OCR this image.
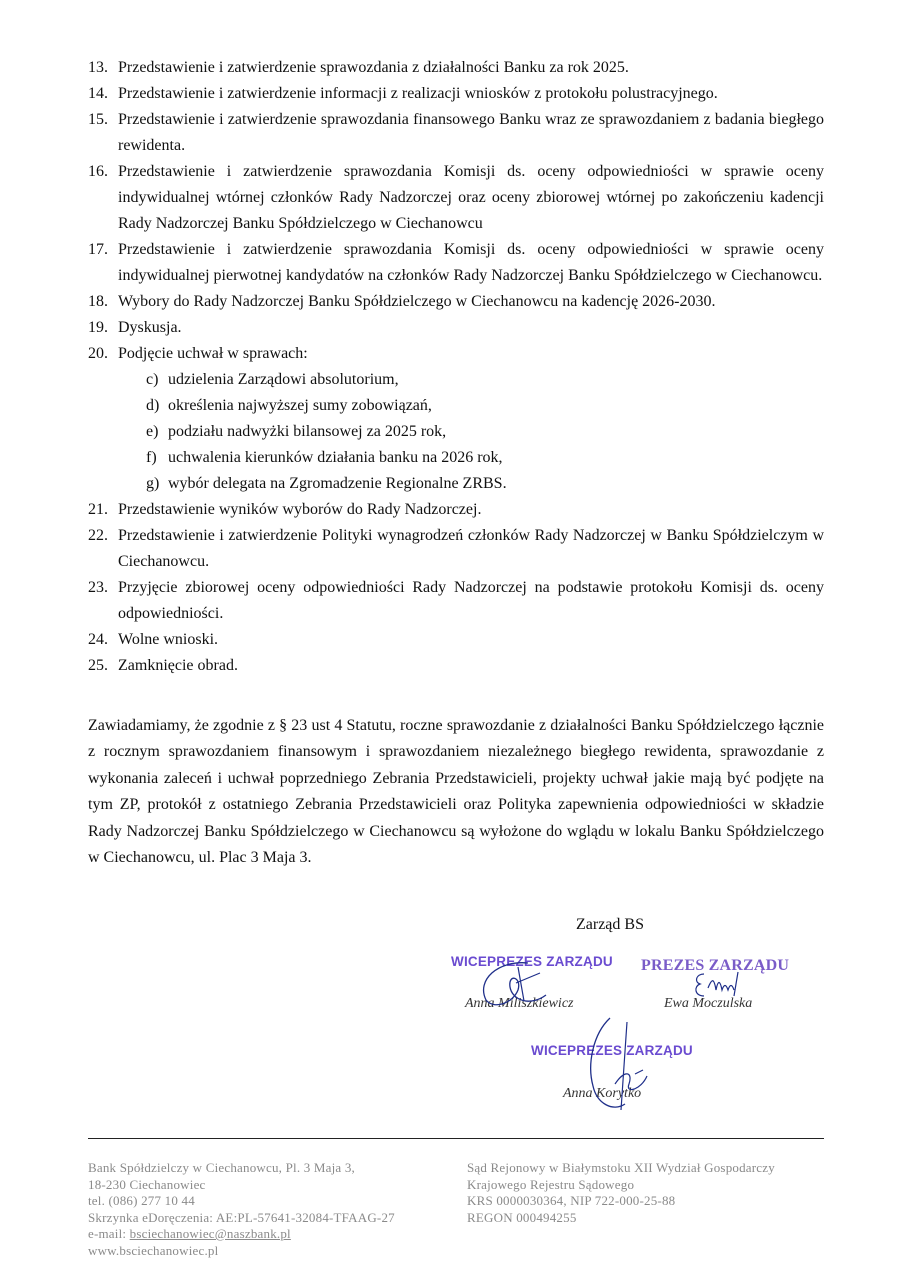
13. Przedstawienie i zatwierdzenie sprawozdania z działalności Banku za rok 2025.
14. Przedstawienie i zatwierdzenie informacji z realizacji wniosków z protokołu polustracyjnego.
15. Przedstawienie i zatwierdzenie sprawozdania finansowego Banku wraz ze sprawozdaniem z badania biegłego rewidenta.
16. Przedstawienie i zatwierdzenie sprawozdania Komisji ds. oceny odpowiedniości w sprawie oceny indywidualnej wtórnej członków Rady Nadzorczej oraz oceny zbiorowej wtórnej po zakończeniu kadencji Rady Nadzorczej Banku Spółdzielczego w Ciechanowcu
17. Przedstawienie i zatwierdzenie sprawozdania Komisji ds. oceny odpowiedniości w sprawie oceny indywidualnej pierwotnej kandydatów na członków Rady Nadzorczej Banku Spółdzielczego w Ciechanowcu.
18. Wybory do Rady Nadzorczej Banku Spółdzielczego w Ciechanowcu na kadencję 2026-2030.
19. Dyskusja.
20. Podjęcie uchwał w sprawach:
c) udzielenia Zarządowi absolutorium,
d) określenia najwyższej sumy zobowiązań,
e) podziału nadwyżki bilansowej za 2025 rok,
f) uchwalenia kierunków działania banku na 2026 rok,
g) wybór delegata na Zgromadzenie Regionalne ZRBS.
21. Przedstawienie wyników wyborów do Rady Nadzorczej.
22. Przedstawienie i zatwierdzenie Polityki wynagrodzeń członków Rady Nadzorczej w Banku Spółdzielczym w Ciechanowcu.
23. Przyjęcie zbiorowej oceny odpowiedniości Rady Nadzorczej na podstawie protokołu Komisji ds. oceny odpowiedniości.
24. Wolne wnioski.
25. Zamknięcie obrad.
Zawiadamiamy, że zgodnie z § 23 ust 4 Statutu, roczne sprawozdanie z działalności Banku Spółdzielczego łącznie z rocznym sprawozdaniem finansowym i sprawozdaniem niezależnego biegłego rewidenta, sprawozdanie z wykonania zaleceń i uchwał poprzedniego Zebrania Przedstawicieli, projekty uchwał jakie mają być podjęte na tym ZP, protokół z ostatniego Zebrania Przedstawicieli oraz Polityka zapewnienia odpowiedniości w składzie Rady Nadzorczej Banku Spółdzielczego w Ciechanowcu są wyłożone do wglądu w lokalu Banku Spółdzielczego w Ciechanowcu, ul. Plac 3 Maja 3.
Zarząd BS
WICEPREZES ZARZĄDU
Anna Miliszkiewicz
PREZES ZARZĄDU
Ewa Moczulska
WICEPREZES ZARZĄDU
Anna Korytko
Bank Spółdzielczy w Ciechanowcu, Pl. 3 Maja 3,
18-230 Ciechanowiec
tel. (086) 277 10 44
Skrzynka eDoręczenia: AE:PL-57641-32084-TFAAG-27
e-mail: bsciechanowiec@naszbank.pl
www.bsciechanowiec.pl
Sąd Rejonowy w Białymstoku XII Wydział Gospodarczy
Krajowego Rejestru Sądowego
KRS 0000030364, NIP 722-000-25-88
REGON 000494255
